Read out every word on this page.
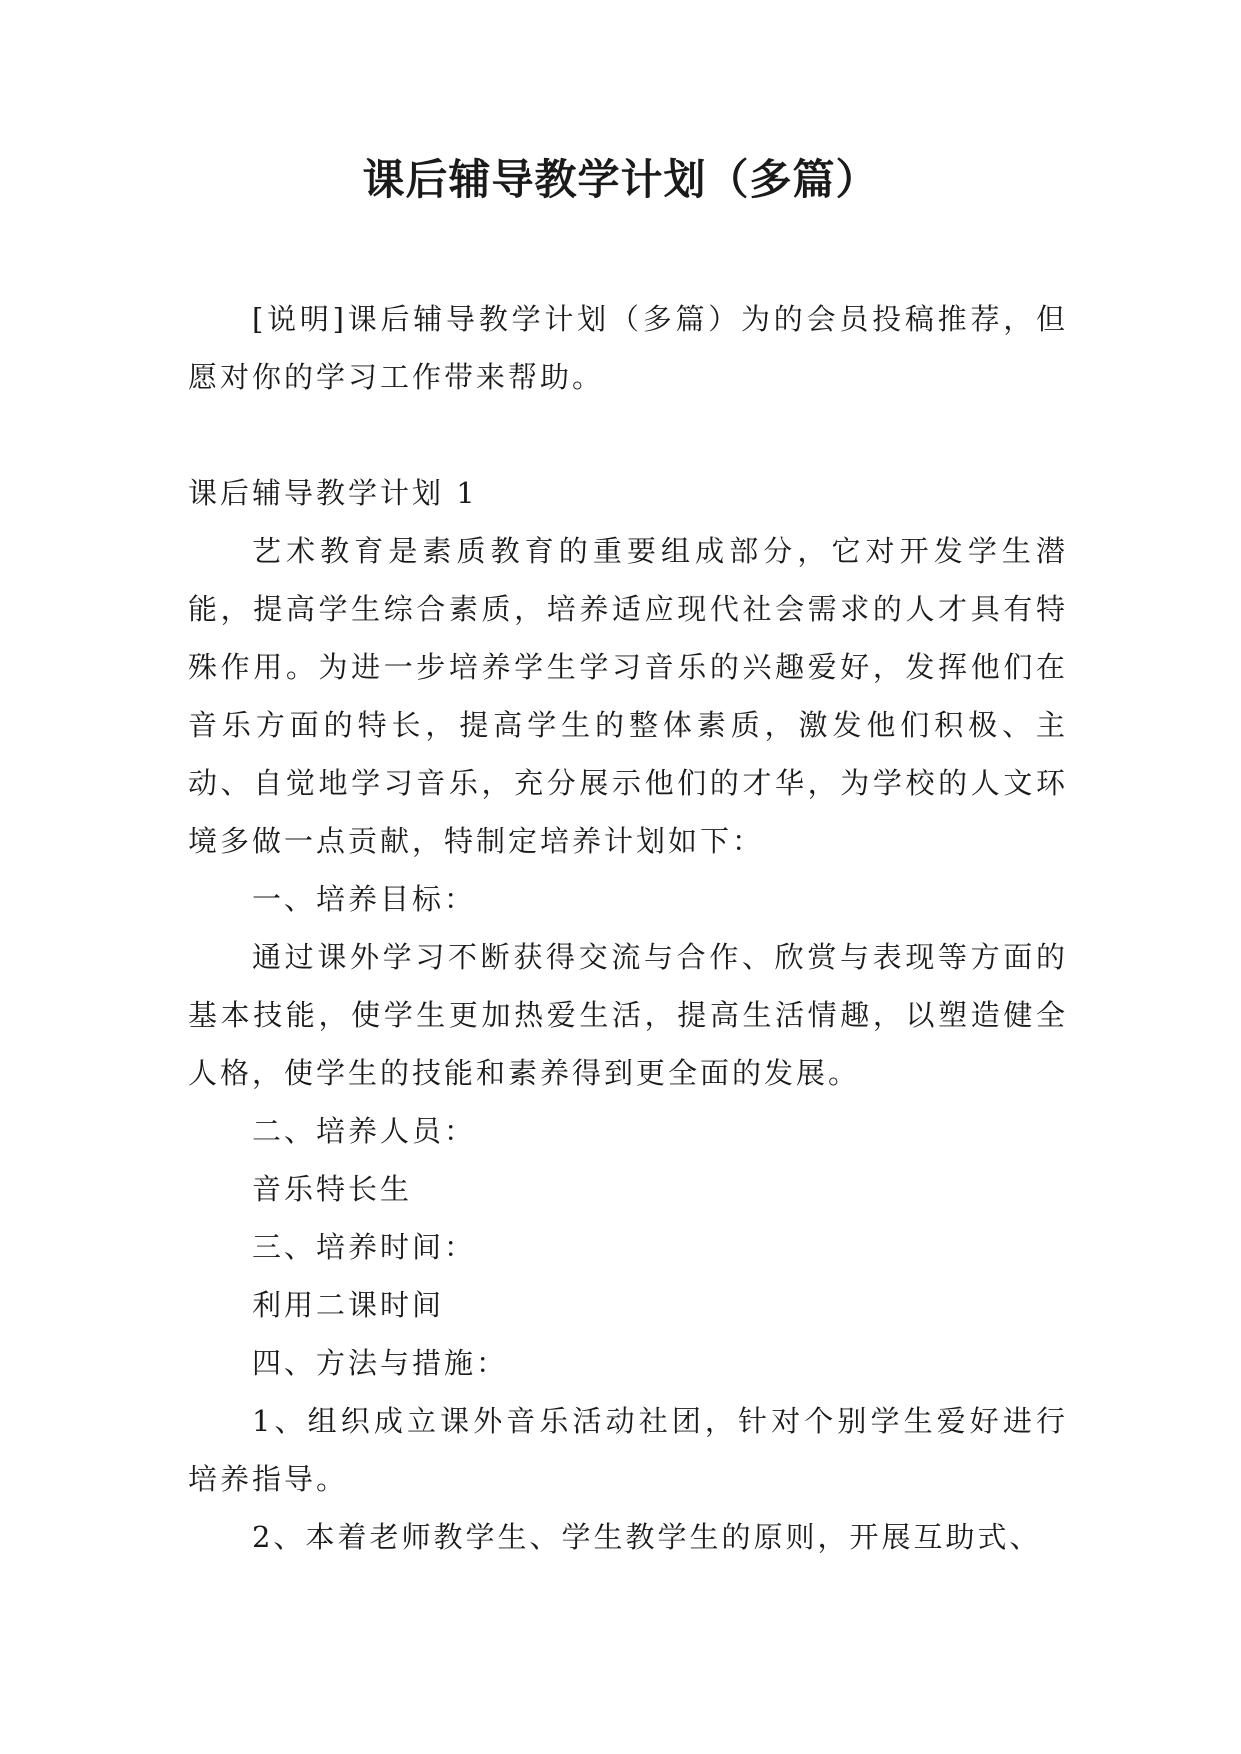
课后辅导教学计划（多篇）

[说明]课后辅导教学计划（多篇）为的会员投稿推荐，但愿对你的学习工作带来帮助。

课后辅导教学计划 1

艺术教育是素质教育的重要组成部分，它对开发学生潜能，提高学生综合素质，培养适应现代社会需求的人才具有特殊作用。为进一步培养学生学习音乐的兴趣爱好，发挥他们在音乐方面的特长，提高学生的整体素质，激发他们积极、主动、自觉地学习音乐，充分展示他们的才华，为学校的人文环境多做一点贡献，特制定培养计划如下：

一、培养目标：

通过课外学习不断获得交流与合作、欣赏与表现等方面的基本技能，使学生更加热爱生活，提高生活情趣，以塑造健全人格，使学生的技能和素养得到更全面的发展。

二、培养人员：

音乐特长生

三、培养时间：

利用二课时间

四、方法与措施：

1、组织成立课外音乐活动社团，针对个别学生爱好进行培养指导。

2、本着老师教学生、学生教学生的原则，开展互助式、
